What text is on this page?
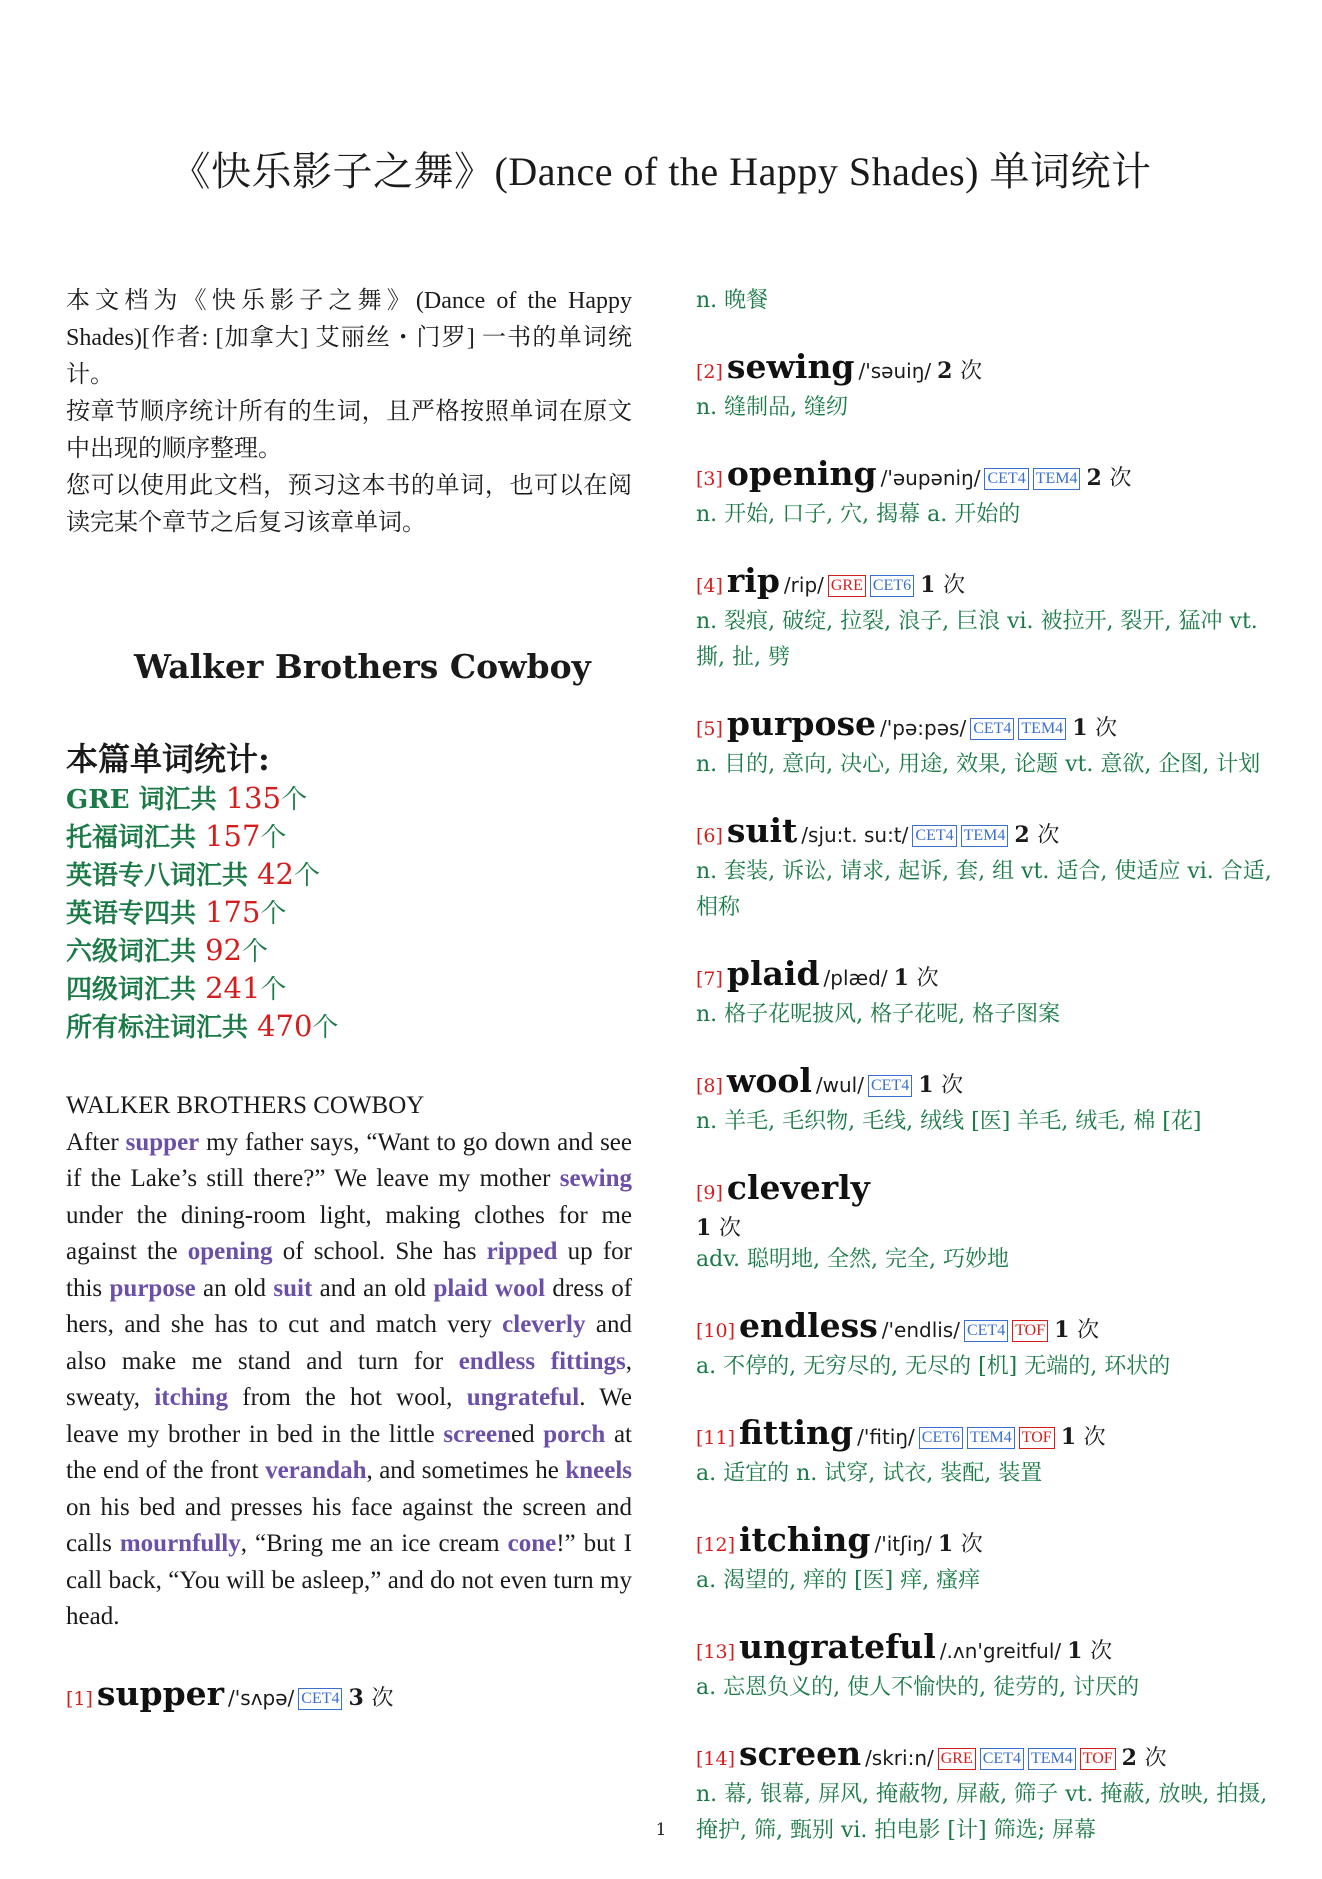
《快乐影子之舞》(Dance of the Happy Shades) 单词统计

本文档为《快乐影子之舞》(Dance of the Happy Shades)[作者: [加拿大] 艾丽丝・门罗] 一书的单词统计。

按章节顺序统计所有的生词，且严格按照单词在原文中出现的顺序整理。

您可以使用此文档，预习这本书的单词，也可以在阅读完某个章节之后复习该章单词。

Walker Brothers Cowboy
本篇单词统计:
GRE 词汇共 135个
托福词汇共 157个
英语专八词汇共 42个
英语专四共 175个
六级词汇共 92个
四级词汇共 241个
所有标注词汇共 470个

WALKER BROTHERS COWBOY

After supper my father says, “Want to go down and see if the Lake’s still there?” We leave my mother sewing under the dining-room light, making clothes for me against the opening of school. She has ripped up for this purpose an old suit and an old plaid wool dress of hers, and she has to cut and match very cleverly and also make me stand and turn for endless fittings, sweaty, itching from the hot wool, ungrateful. We leave my brother in bed in the little screened porch at the end of the front verandah, and sometimes he kneels on his bed and presses his face against the screen and calls mournfully, “Bring me an ice cream cone!” but I call back, “You will be asleep,” and do not even turn my head.

[1] supper /'sʌpə/ CET4 3 次
n. 晚餐
[2] sewing /'səuiŋ/ 2 次
n. 缝制品, 缝纫
[3] opening /'əupəniŋ/ CET4 TEM4 2 次
n. 开始, 口子, 穴, 揭幕 a. 开始的
[4] rip /rip/ GRE CET6 1 次
n. 裂痕, 破绽, 拉裂, 浪子, 巨浪 vi. 被拉开, 裂开, 猛冲 vt. 撕, 扯, 劈
[5] purpose /'pə:pəs/ CET4 TEM4 1 次
n. 目的, 意向, 决心, 用途, 效果, 论题 vt. 意欲, 企图, 计划
[6] suit /sju:t. su:t/ CET4 TEM4 2 次
n. 套装, 诉讼, 请求, 起诉, 套, 组 vt. 适合, 使适应 vi. 合适, 相称
[7] plaid /plæd/ 1 次
n. 格子花呢披风, 格子花呢, 格子图案
[8] wool /wul/ CET4 1 次
n. 羊毛, 毛织物, 毛线, 绒线 [医] 羊毛, 绒毛, 棉 [花]
[9] cleverly
1 次
adv. 聪明地, 全然, 完全, 巧妙地
[10] endless /'endlis/ CET4 TOF 1 次
a. 不停的, 无穷尽的, 无尽的 [机] 无端的, 环状的
[11] fitting /'fitiŋ/ CET6 TEM4 TOF 1 次
a. 适宜的 n. 试穿, 试衣, 装配, 装置
[12] itching /'itʃiŋ/ 1 次
a. 渴望的, 痒的 [医] 痒, 瘙痒
[13] ungrateful /.ʌn'greitful/ 1 次
a. 忘恩负义的, 使人不愉快的, 徒劳的, 讨厌的
[14] screen /skri:n/ GRE CET4 TEM4 TOF 2 次
n. 幕, 银幕, 屏风, 掩蔽物, 屏蔽, 筛子 vt. 掩蔽, 放映, 拍摄, 掩护, 筛, 甄别 vi. 拍电影 [计] 筛选; 屏幕
1
